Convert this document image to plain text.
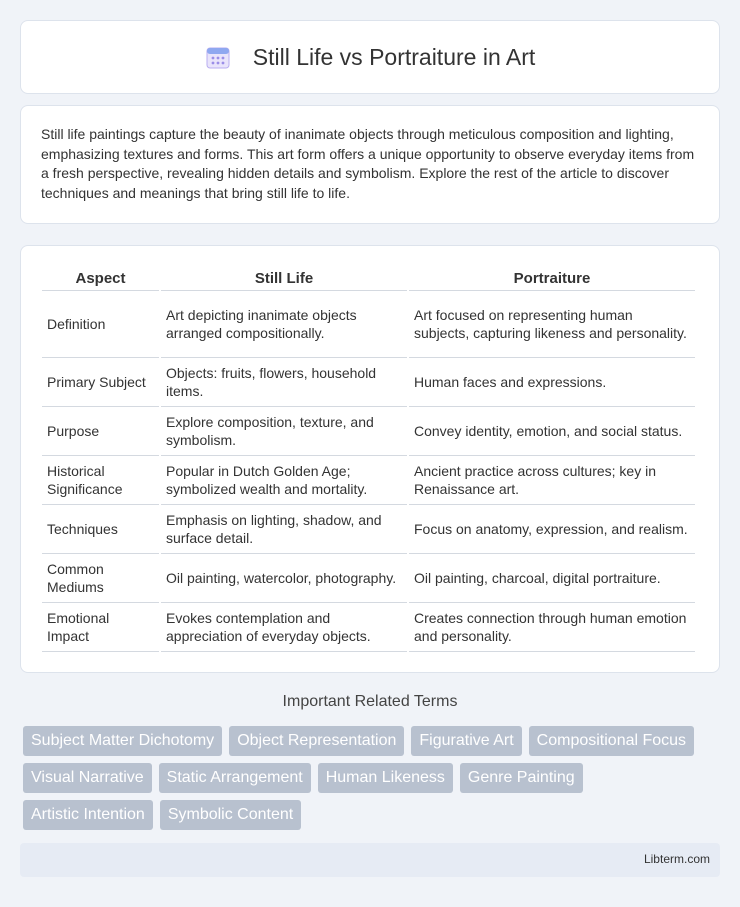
Still Life vs Portraiture in Art

Still life paintings capture the beauty of inanimate objects through meticulous composition and lighting, emphasizing textures and forms. This art form offers a unique opportunity to observe everyday items from a fresh perspective, revealing hidden details and symbolism. Explore the rest of the article to discover techniques and meanings that bring still life to life.

Aspect	Still Life	Portraiture
Definition	Art depicting inanimate objects arranged compositionally.	Art focused on representing human subjects, capturing likeness and personality.
Primary Subject	Objects: fruits, flowers, household items.	Human faces and expressions.
Purpose	Explore composition, texture, and symbolism.	Convey identity, emotion, and social status.
Historical Significance	Popular in Dutch Golden Age; symbolized wealth and mortality.	Ancient practice across cultures; key in Renaissance art.
Techniques	Emphasis on lighting, shadow, and surface detail.	Focus on anatomy, expression, and realism.
Common Mediums	Oil painting, watercolor, photography.	Oil painting, charcoal, digital portraiture.
Emotional Impact	Evokes contemplation and appreciation of everyday objects.	Creates connection through human emotion and personality.
Important Related Terms
Subject Matter Dichotomy	Object Representation	Figurative Art	Compositional Focus
Visual Narrative	Static Arrangement	Human Likeness	Genre Painting
Artistic Intention	Symbolic Content
Libterm.com
